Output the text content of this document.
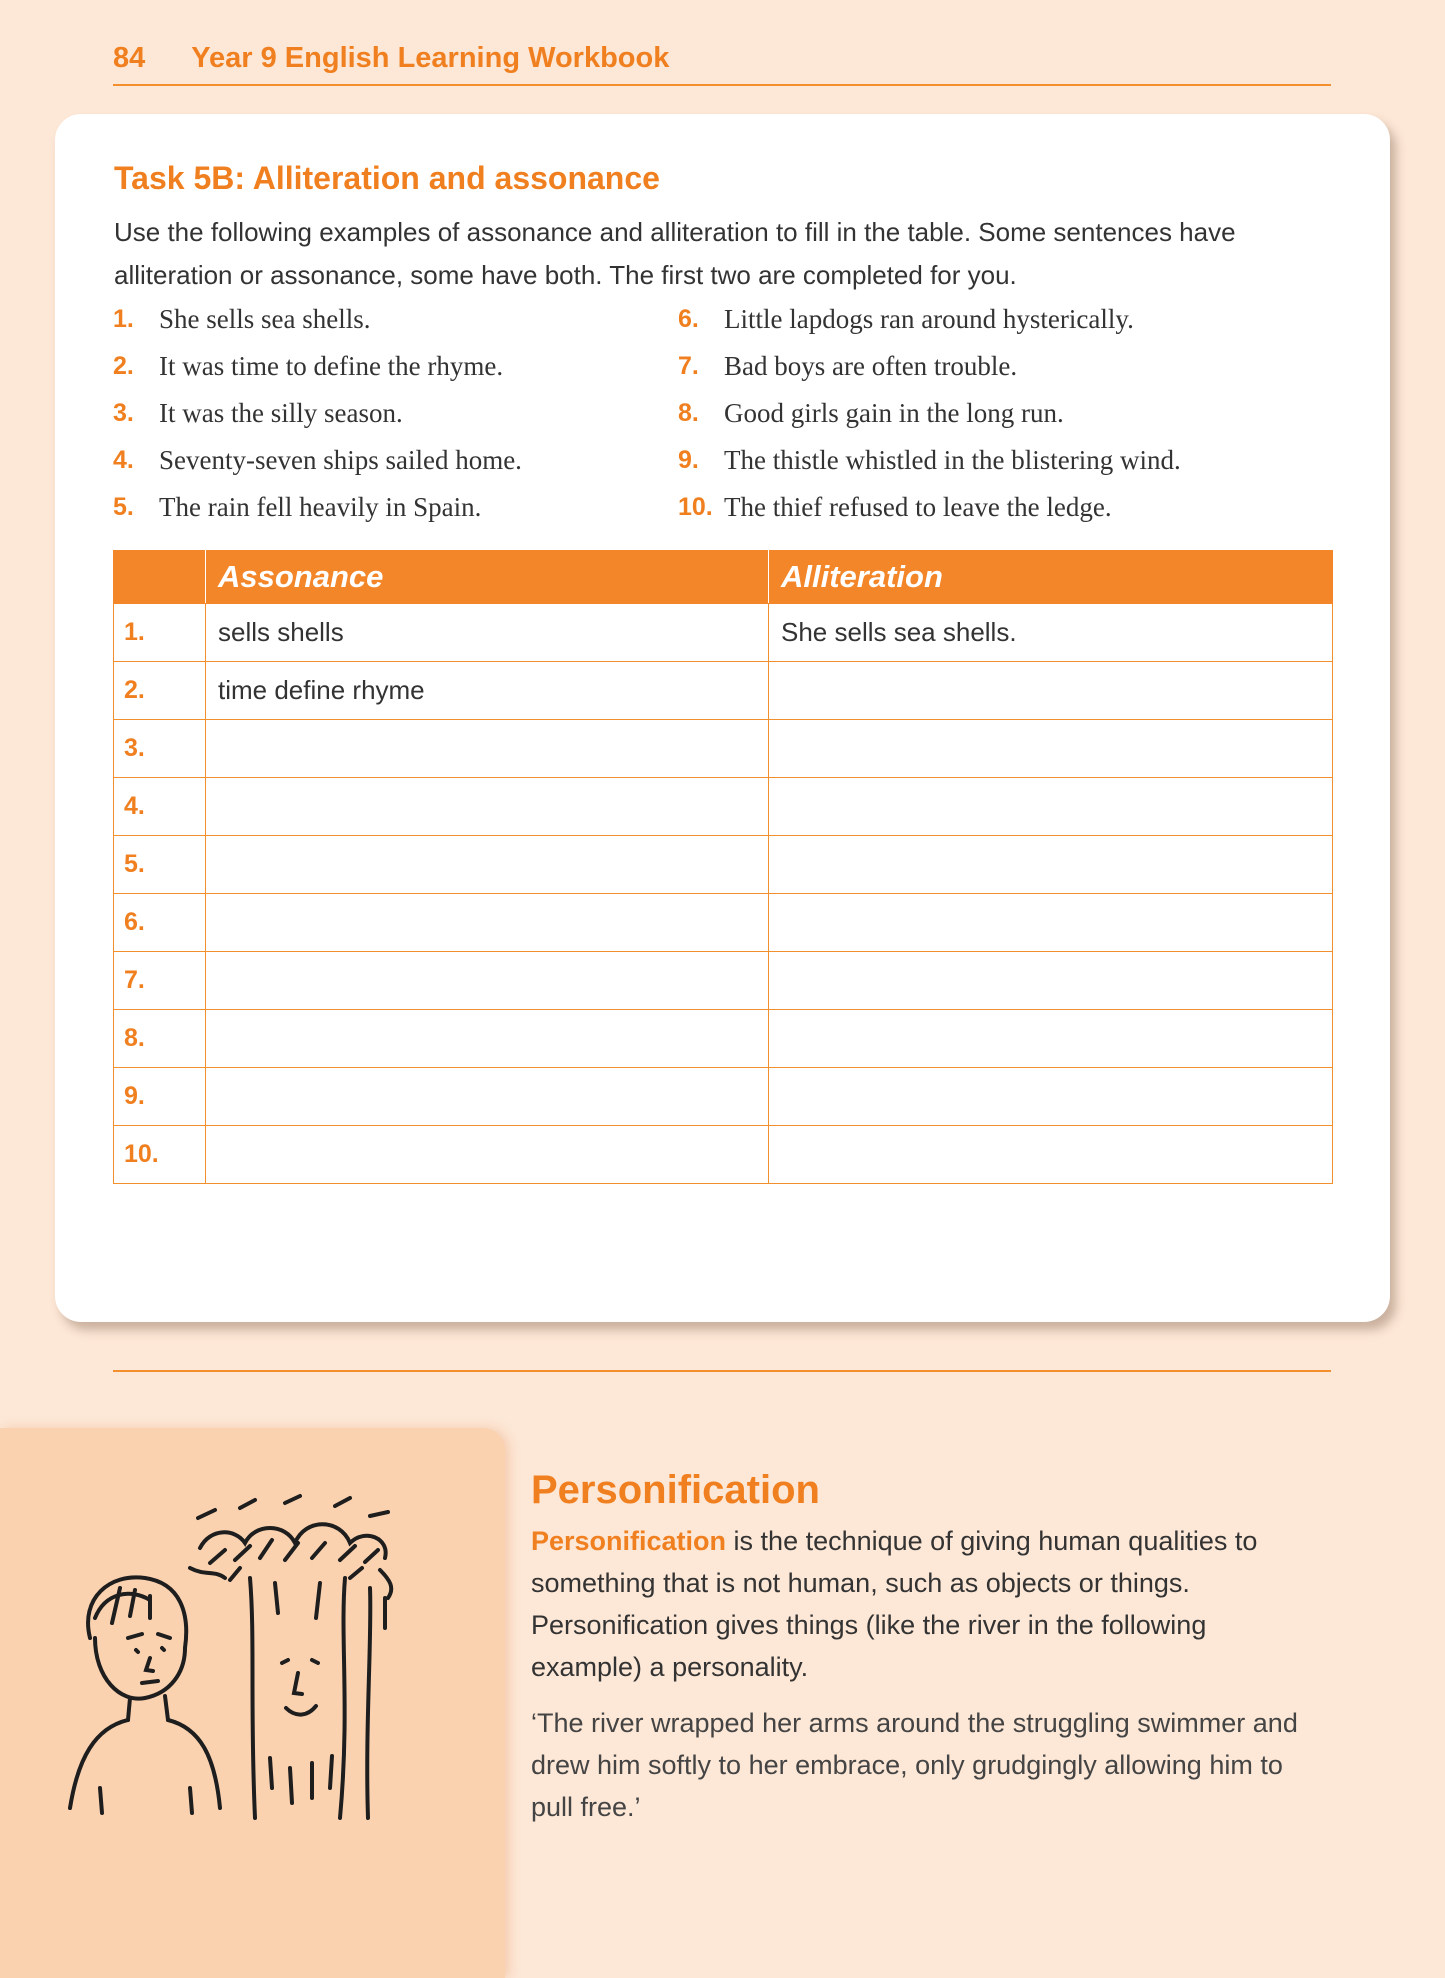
84 Year 9 English Learning Workbook
Task 5B: Alliteration and assonance
Use the following examples of assonance and alliteration to fill in the table. Some sentences have alliteration or assonance, some have both. The first two are completed for you.
1. She sells sea shells.
2. It was time to define the rhyme.
3. It was the silly season.
4. Seventy-seven ships sailed home.
5. The rain fell heavily in Spain.
6. Little lapdogs ran around hysterically.
7. Bad boys are often trouble.
8. Good girls gain in the long run.
9. The thistle whistled in the blistering wind.
10. The thief refused to leave the ledge.
	Assonance	Alliteration
1.	sells shells	She sells sea shells.
2.	time define rhyme	
3.		
4.		
5.		
6.		
7.		
8.		
9.		
10.		
Personification
Personification is the technique of giving human qualities to something that is not human, such as objects or things. Personification gives things (like the river in the following example) a personality.
‘The river wrapped her arms around the struggling swimmer and drew him softly to her embrace, only grudgingly allowing him to pull free.’
